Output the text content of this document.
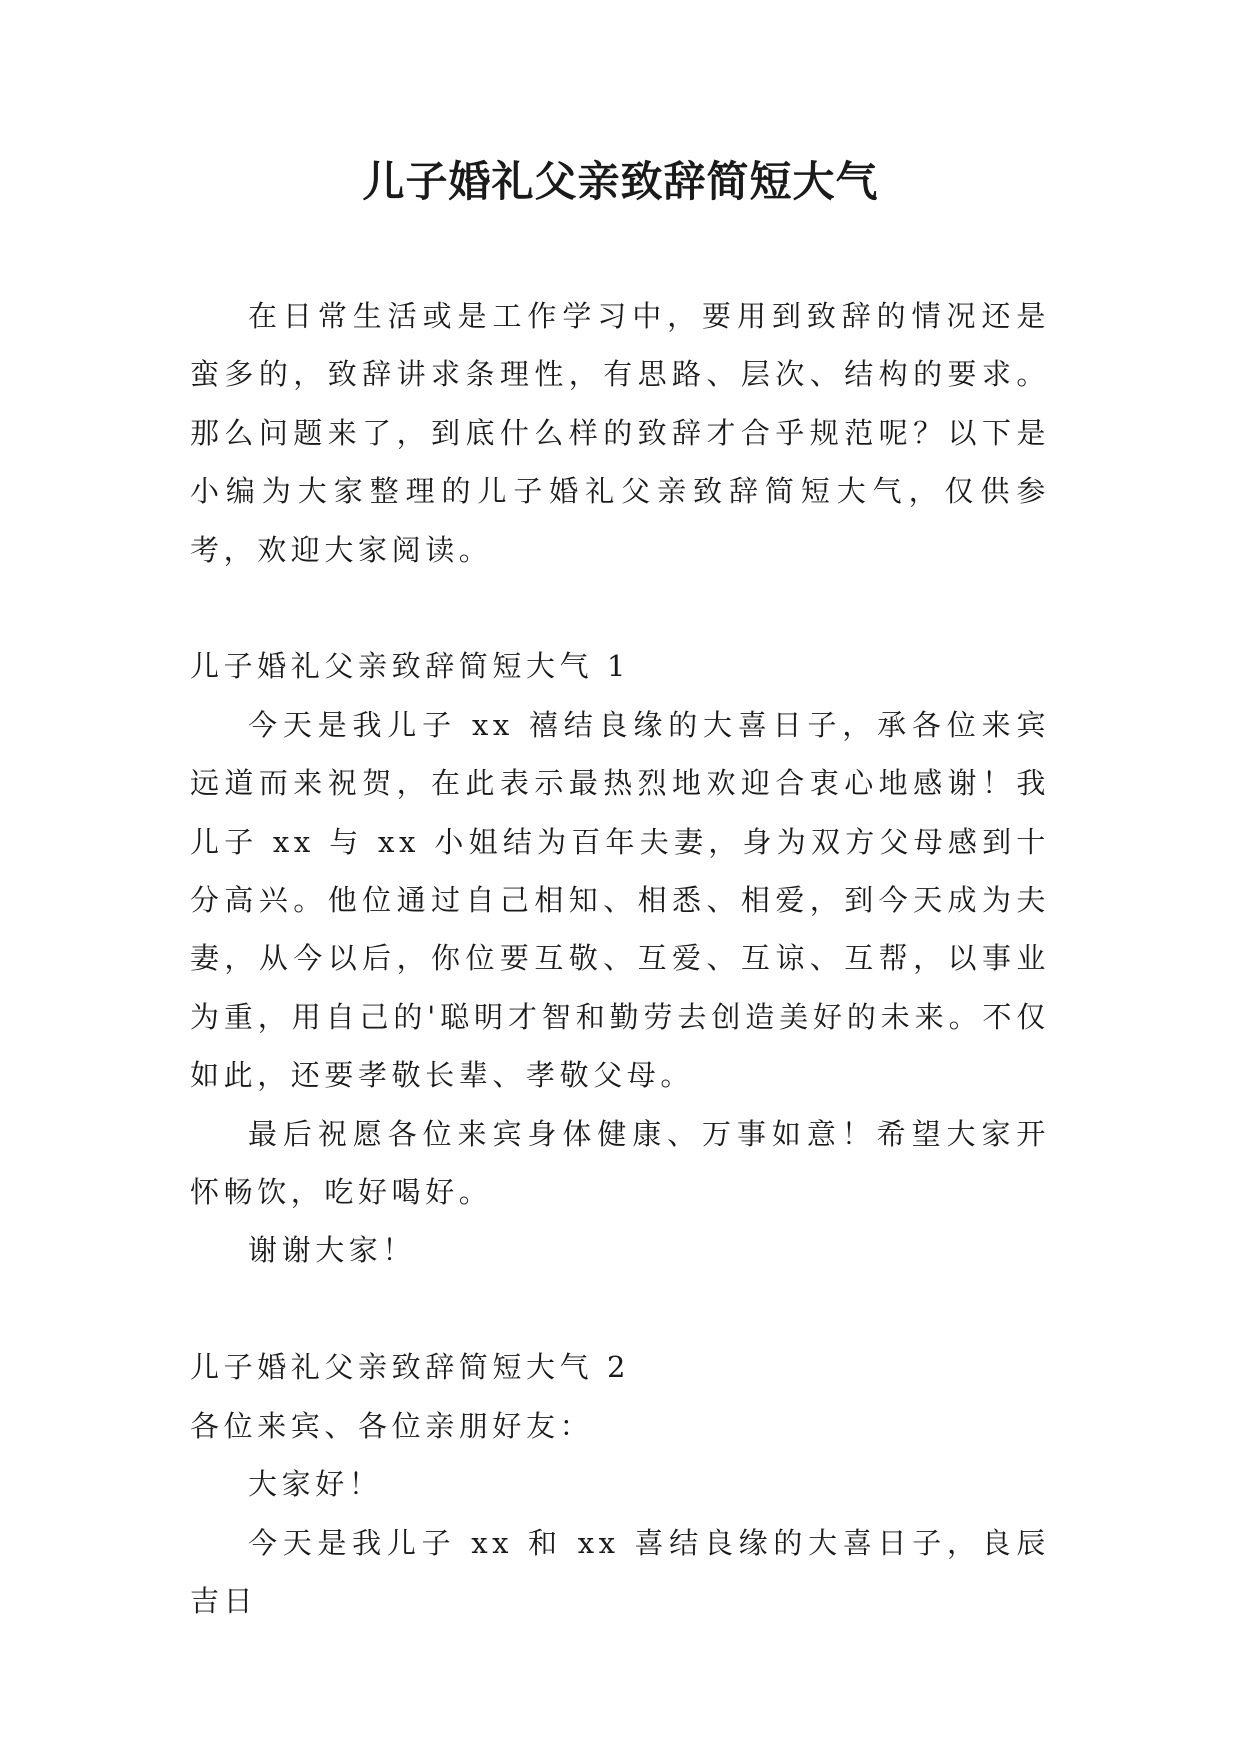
儿子婚礼父亲致辞简短大气

在日常生活或是工作学习中，要用到致辞的情况还是蛮多的，致辞讲求条理性，有思路、层次、结构的要求。那么问题来了，到底什么样的致辞才合乎规范呢？以下是小编为大家整理的儿子婚礼父亲致辞简短大气，仅供参考，欢迎大家阅读。

儿子婚礼父亲致辞简短大气 1

今天是我儿子 xx 禧结良缘的大喜日子，承各位来宾远道而来祝贺，在此表示最热烈地欢迎合衷心地感谢！我儿子 xx 与 xx 小姐结为百年夫妻，身为双方父母感到十分高兴。他位通过自己相知、相悉、相爱，到今天成为夫妻，从今以后，你位要互敬、互爱、互谅、互帮，以事业为重，用自己的'聪明才智和勤劳去创造美好的未来。不仅如此，还要孝敬长辈、孝敬父母。

最后祝愿各位来宾身体健康、万事如意！希望大家开怀畅饮，吃好喝好。

谢谢大家！

儿子婚礼父亲致辞简短大气 2

各位来宾、各位亲朋好友：

大家好！

今天是我儿子 xx 和 xx 喜结良缘的大喜日子，良辰吉日
